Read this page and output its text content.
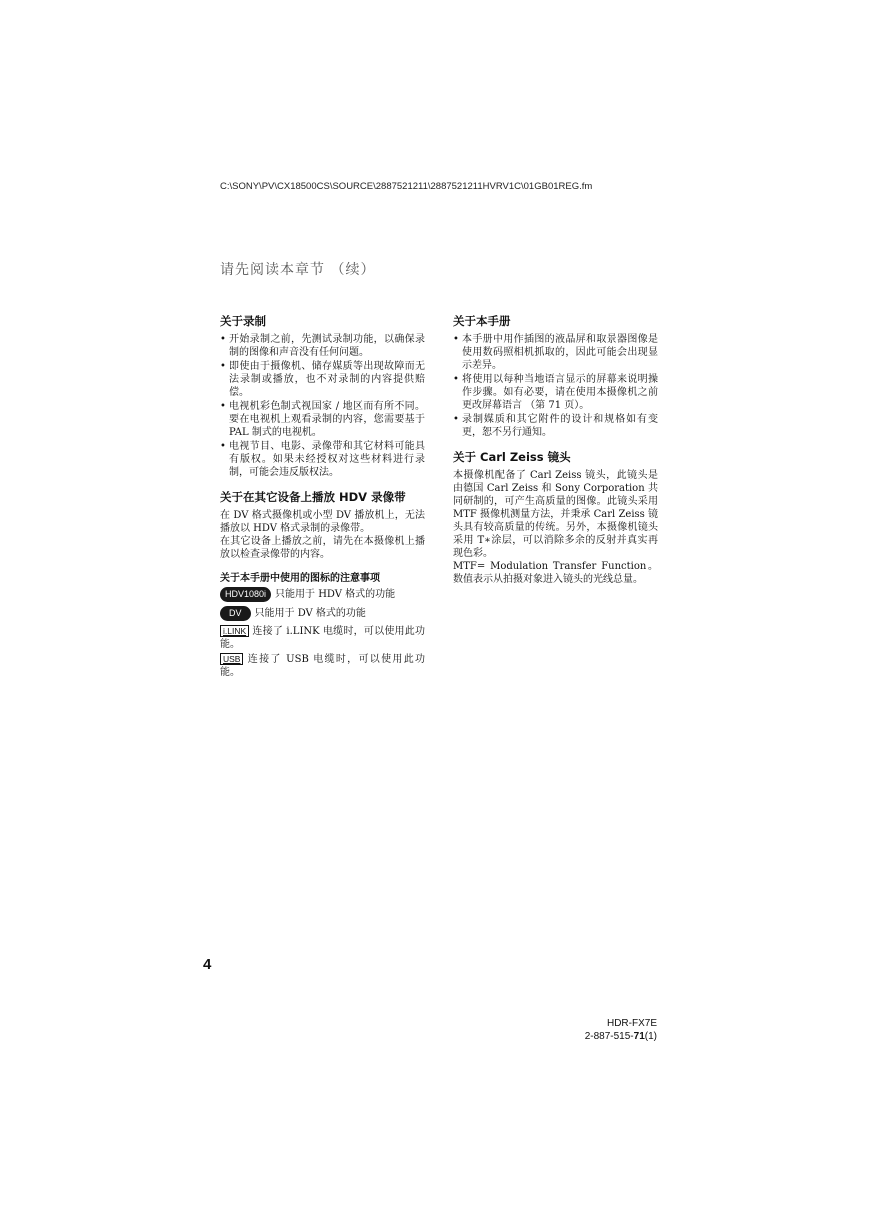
C:\SONY\PV\CX18500CS\SOURCE\2887521211\2887521211HVRV1C\01GB01REG.fm
请先阅读本章节 （续）
关于录制
• 开始录制之前，先测试录制功能，以确保录制的图像和声音没有任何问题。
• 即使由于摄像机、储存媒质等出现故障而无法录制或播放，也不对录制的内容提供赔偿。
• 电视机彩色制式视国家 / 地区而有所不同。要在电视机上观看录制的内容，您需要基于 PAL 制式的电视机。
• 电视节目、电影、录像带和其它材料可能具有版权。如果未经授权对这些材料进行录制，可能会违反版权法。
关于在其它设备上播放 HDV 录像带

在 DV 格式摄像机或小型 DV 播放机上，无法播放以 HDV 格式录制的录像带。

在其它设备上播放之前，请先在本摄像机上播放以检查录像带的内容。

关于本手册中使用的图标的注意事项
HDV1080i 只能用于 HDV 格式的功能
DV	只能用于 DV 格式的功能

i.LINK 连接了 i.LINK 电缆时，可以使用此功能。

USB 连接了 USB 电缆时，可以使用此功能。

关于本手册
• 本手册中用作插图的液晶屏和取景器图像是使用数码照相机抓取的，因此可能会出现显示差异。
• 将使用以每种当地语言显示的屏幕来说明操作步骤。如有必要，请在使用本摄像机之前更改屏幕语言 （第 71 页）。
• 录制媒质和其它附件的设计和规格如有变更，恕不另行通知。
关于 Carl Zeiss 镜头

本摄像机配备了 Carl Zeiss 镜头，此镜头是由德国 Carl Zeiss 和 Sony Corporation 共同研制的，可产生高质量的图像。此镜头采用 MTF 摄像机测量方法，并秉承 Carl Zeiss 镜头具有较高质量的传统。另外，本摄像机镜头采用 T∗涂层，可以消除多余的反射并真实再现色彩。

MTF= Modulation Transfer Function。数值表示从拍摄对象进入镜头的光线总量。

4
HDR-FX7E
2-887-515-71(1)
